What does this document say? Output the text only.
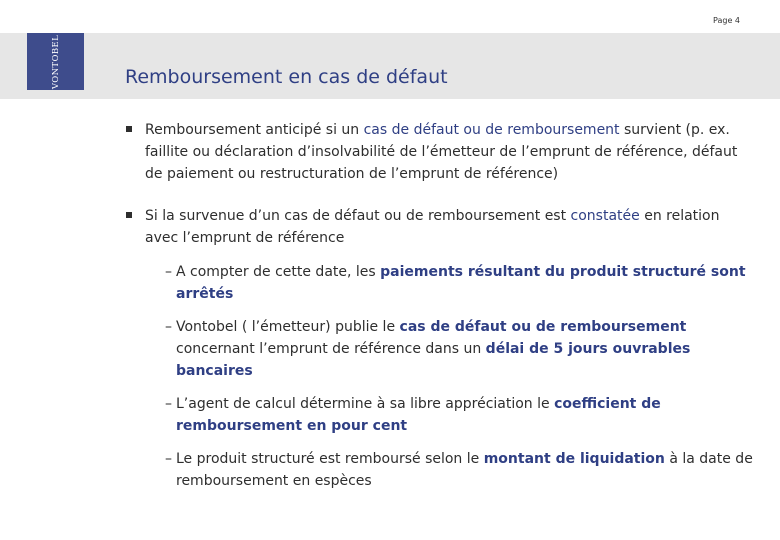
Page 4
VONTOBEL	Remboursement en cas de défaut
Remboursement anticipé si un cas de défaut ou de remboursement survient (p. ex. faillite ou déclaration d’insolvabilité de l’émetteur de l’emprunt de référence, défaut de paiement ou restructuration de l’emprunt de référence)
Si la survenue d’un cas de défaut ou de remboursement est constatée en relation avec l’emprunt de référence
– A compter de cette date, les paiements résultant du produit structuré sont arrêtés
– Vontobel ( l’émetteur) publie le cas de défaut ou de remboursement concernant l’emprunt de référence dans un délai de 5 jours ouvrables bancaires
– L’agent de calcul détermine à sa libre appréciation le coefficient de remboursement en pour cent
– Le produit structuré est remboursé selon le montant de liquidation à la date de remboursement en espèces
